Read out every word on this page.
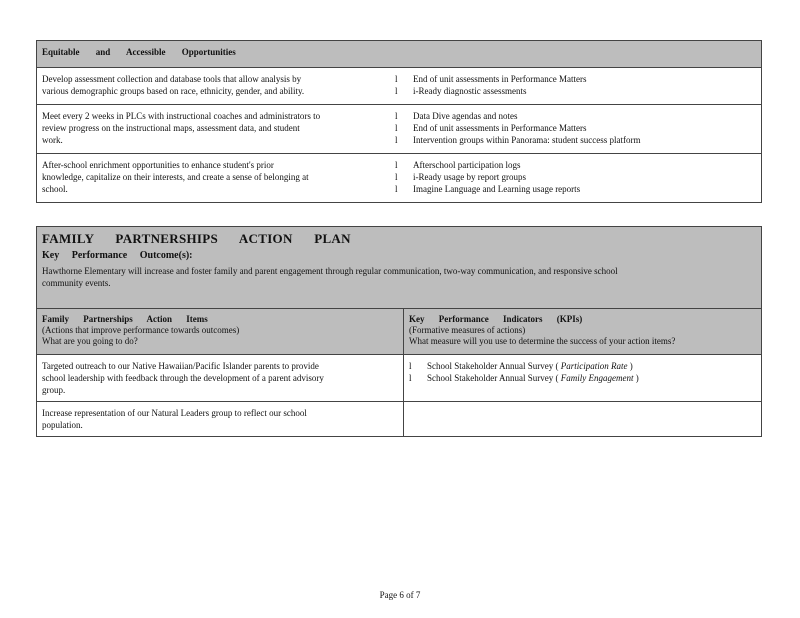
Equitable and Accessible Opportunities
Develop assessment collection and database tools that allow analysis by
various demographic groups based on race, ethnicity, gender, and ability.
l	End of unit assessments in Performance Matters
l	i-Ready diagnostic assessments
Meet every 2 weeks in PLCs with instructional coaches and administrators to
review progress on the instructional maps, assessment data, and student
work.
l	Data Dive agendas and notes
l	End of unit assessments in Performance Matters
l	Intervention groups within Panorama: student success platform
After-school enrichment opportunities to enhance student's prior
knowledge, capitalize on their interests, and create a sense of belonging at
school.
l	Afterschool participation logs
l	i-Ready usage by report groups
l	Imagine Language and Learning usage reports
FAMILY PARTNERSHIPS ACTION PLAN
Key Performance Outcome(s):
Hawthorne Elementary will increase and foster family and parent engagement through regular communication, two-way communication, and responsive school
community events.
Family Partnerships Action Items
(Actions that improve performance towards outcomes)
What are you going to do?
Key Performance Indicators (KPIs)
(Formative measures of actions)
What measure will you use to determine the success of your action items?
Targeted outreach to our Native Hawaiian/Pacific Islander parents to provide
school leadership with feedback through the development of a parent advisory
group.
l	School Stakeholder Annual Survey ( Participation Rate )
l	School Stakeholder Annual Survey ( Family Engagement )
Increase representation of our Natural Leaders group to reflect our school
population.
Page 6 of 7
